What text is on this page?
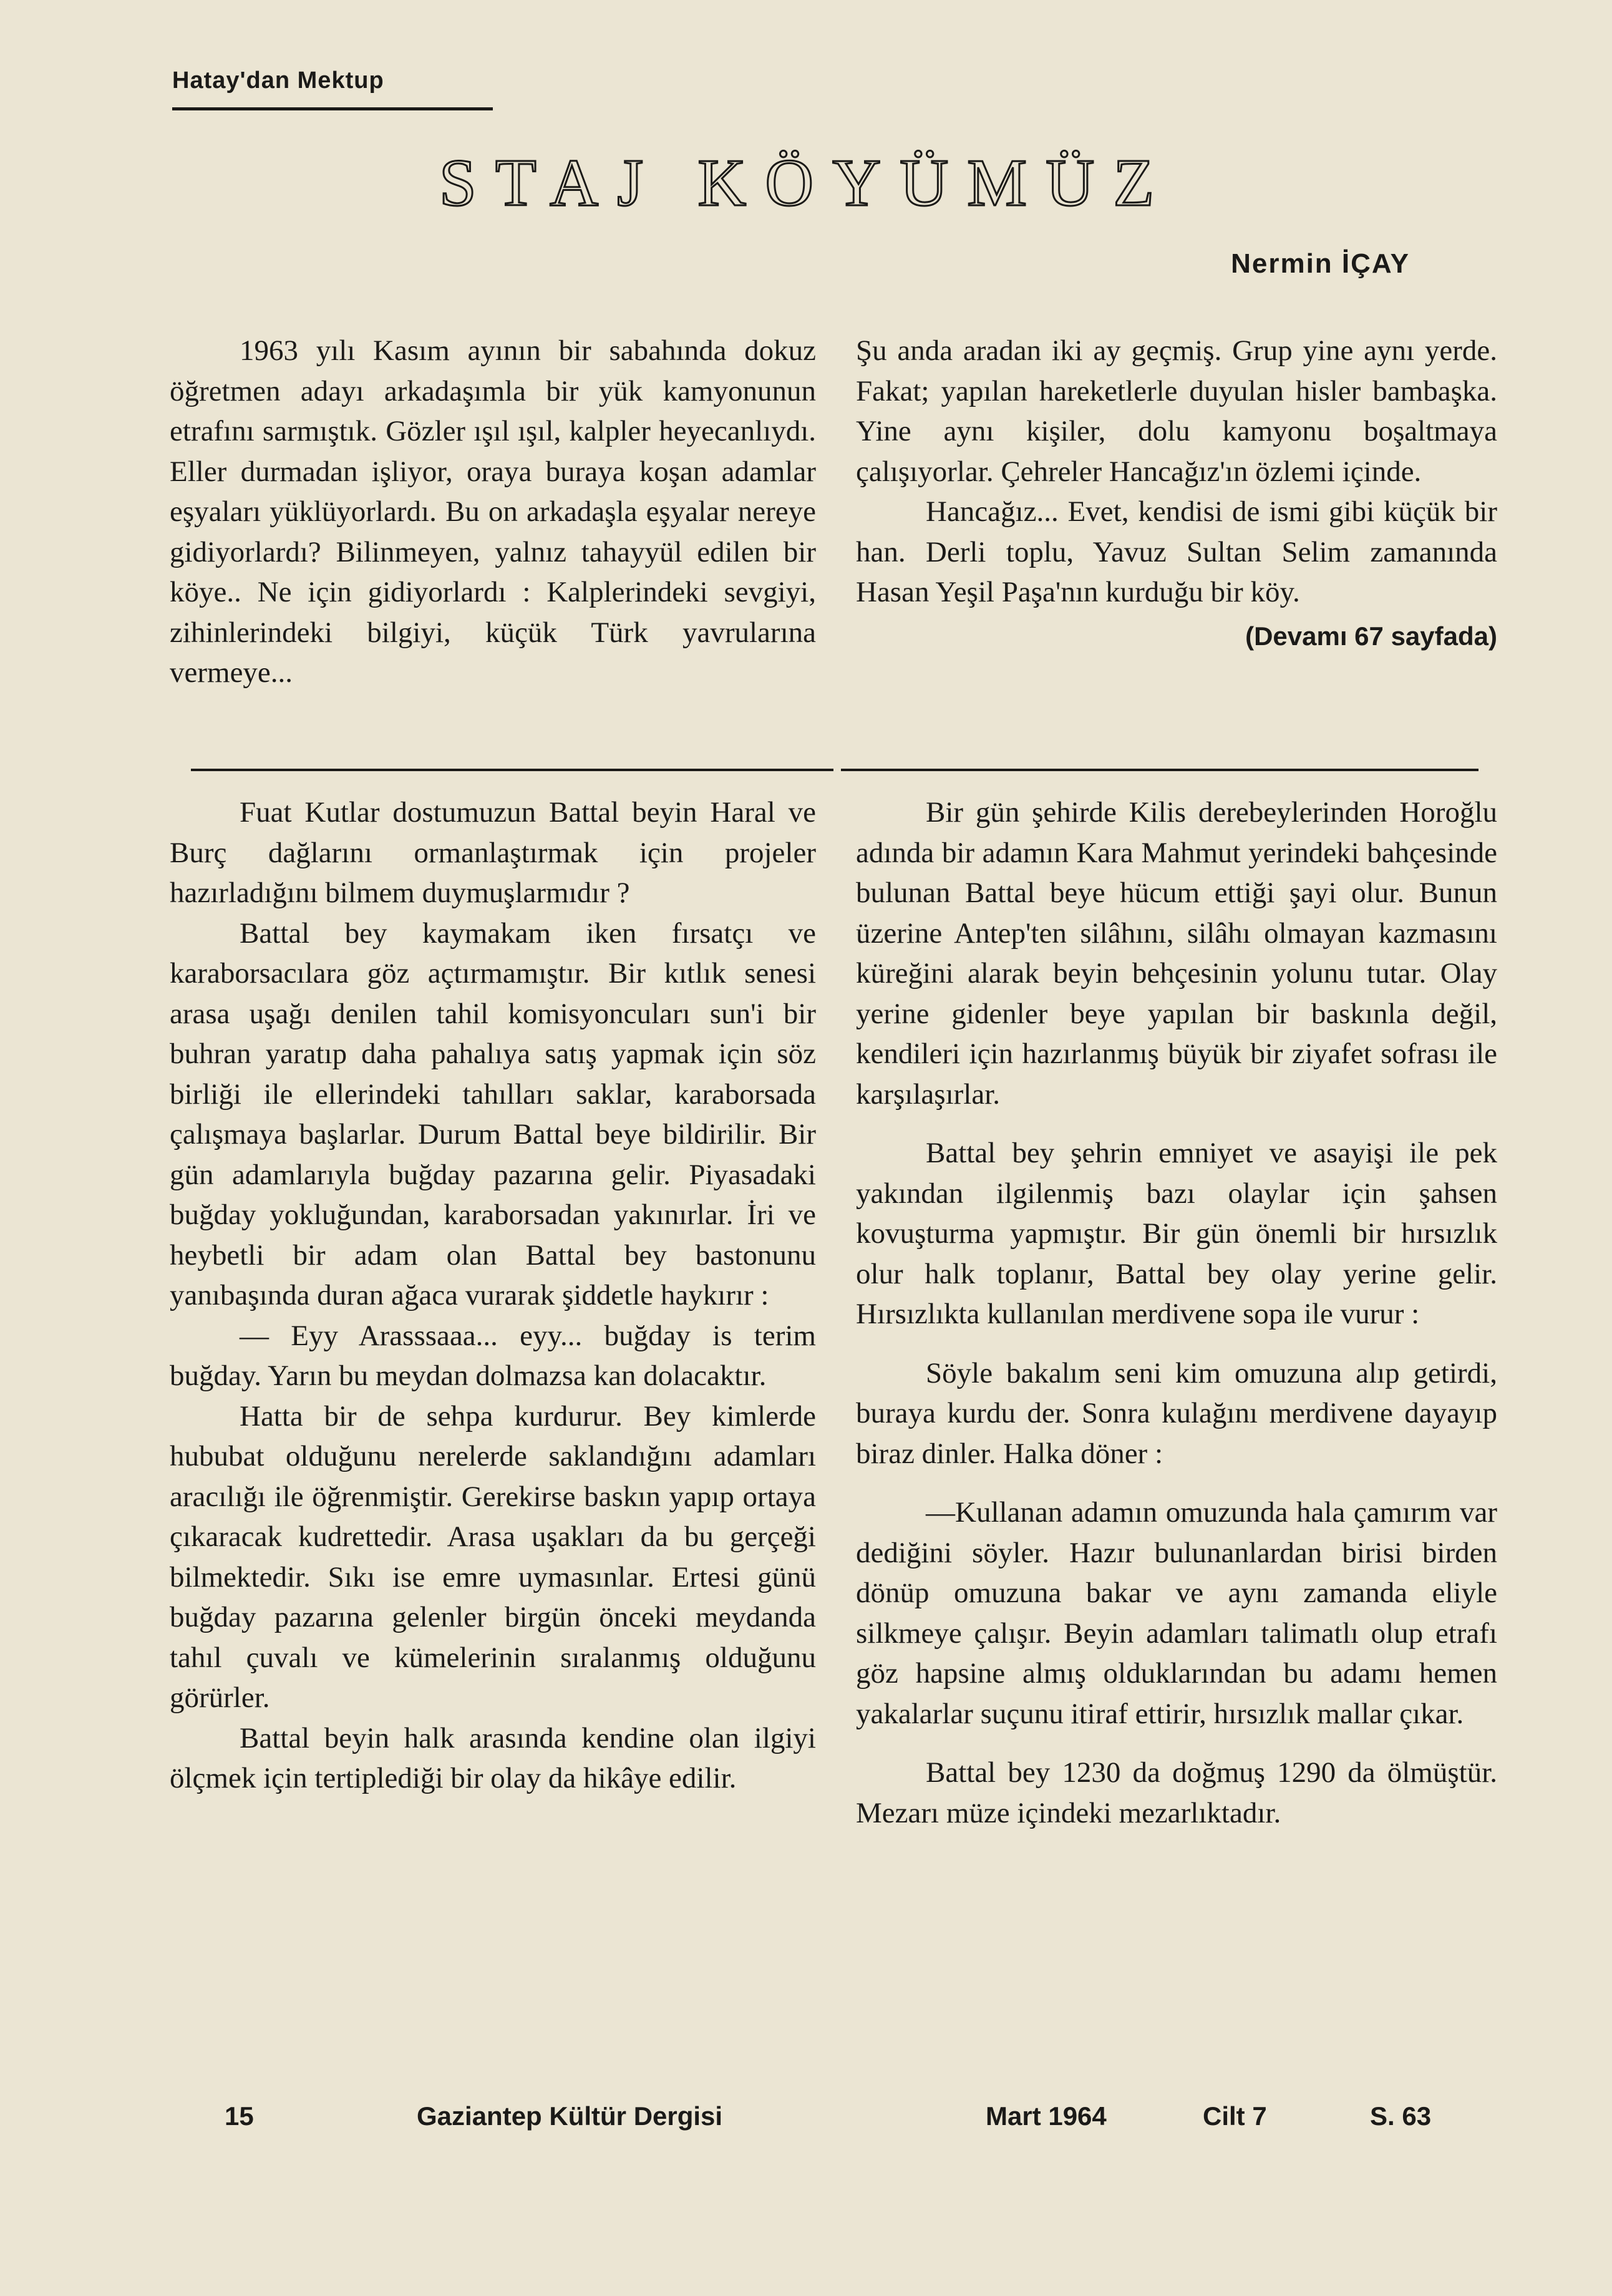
Hatay'dan Mektup
STAJ KÖYÜMÜZ
Nermin İÇAY

1963 yılı Kasım ayının bir sabahında dokuz öğretmen adayı arkadaşımla bir yük kamyonunun etrafını sarmıştık. Gözler ışıl ışıl, kalpler heyecanlıydı. Eller durmadan işliyor, oraya buraya koşan adamlar eşyaları yüklüyorlardı. Bu on arkadaşla eşyalar nereye gidiyorlardı? Bilinmeyen, yalnız tahayyül edilen bir köye.. Ne için gidiyorlardı : Kalplerindeki sevgiyi, zihinlerindeki bilgiyi, küçük Türk yavrularına vermeye...

Şu anda aradan iki ay geçmiş. Grup yine aynı yerde. Fakat; yapılan hareketlerle duyulan hisler bambaşka. Yine aynı kişiler, dolu kamyonu boşaltmaya çalışıyorlar. Çehreler Hancağız'ın özlemi içinde.

Hancağız... Evet, kendisi de ismi gibi küçük bir han. Derli toplu, Yavuz Sultan Selim zamanında Hasan Yeşil Paşa'nın kurduğu bir köy.

(Devamı 67 sayfada)

Fuat Kutlar dostumuzun Battal beyin Haral ve Burç dağlarını ormanlaştırmak için projeler hazırladığını bilmem duymuşlarmıdır ?

Battal bey kaymakam iken fırsatçı ve karaborsacılara göz açtırmamıştır. Bir kıtlık senesi arasa uşağı denilen tahil komisyoncuları sun'i bir buhran yaratıp daha pahalıya satış yapmak için söz birliği ile ellerindeki tahılları saklar, karaborsada çalışmaya başlarlar. Durum Battal beye bildirilir. Bir gün adamlarıyla buğday pazarına gelir. Piyasadaki buğday yokluğundan, karaborsadan yakınırlar. İri ve heybetli bir adam olan Battal bey bastonunu yanıbaşında duran ağaca vurarak şiddetle haykırır :

— Eyy Arasssaaa... eyy... buğday is terim buğday. Yarın bu meydan dolmazsa kan dolacaktır.

Hatta bir de sehpa kurdurur. Bey kimlerde hububat olduğunu nerelerde saklandığını adamları aracılığı ile öğrenmiştir. Gerekirse baskın yapıp ortaya çıkaracak kudrettedir. Arasa uşakları da bu gerçeği bilmektedir. Sıkı ise emre uymasınlar. Ertesi günü buğday pazarına gelenler birgün önceki meydanda tahıl çuvalı ve kümelerinin sıralanmış olduğunu görürler.

Battal beyin halk arasında kendine olan ilgiyi ölçmek için tertiplediği bir olay da hikâye edilir.

Bir gün şehirde Kilis derebeylerinden Horoğlu adında bir adamın Kara Mahmut yerindeki bahçesinde bulunan Battal beye hücum ettiği şayi olur. Bunun üzerine Antep'ten silâhını, silâhı olmayan kazmasını küreğini alarak beyin behçesinin yolunu tutar. Olay yerine gidenler beye yapılan bir baskınla değil, kendileri için hazırlanmış büyük bir ziyafet sofrası ile karşılaşırlar.

Battal bey şehrin emniyet ve asayişi ile pek yakından ilgilenmiş bazı olaylar için şahsen kovuşturma yapmıştır. Bir gün önemli bir hırsızlık olur halk toplanır, Battal bey olay yerine gelir. Hırsızlıkta kullanılan merdivene sopa ile vurur :

Söyle bakalım seni kim omuzuna alıp getirdi, buraya kurdu der. Sonra kulağını merdivene dayayıp biraz dinler. Halka döner :

—Kullanan adamın omuzunda hala çamırım var dediğini söyler. Hazır bulunanlardan birisi birden dönüp omuzuna bakar ve aynı zamanda eliyle silkmeye çalışır. Beyin adamları talimatlı olup etrafı göz hapsine almış olduklarından bu adamı hemen yakalarlar suçunu itiraf ettirir, hırsızlık mallar çıkar.

Battal bey 1230 da doğmuş 1290 da ölmüştür. Mezarı müze içindeki mezarlıktadır.

15	Gaziantep Kültür Dergisi	Mart 1964	Cilt 7	S. 63
